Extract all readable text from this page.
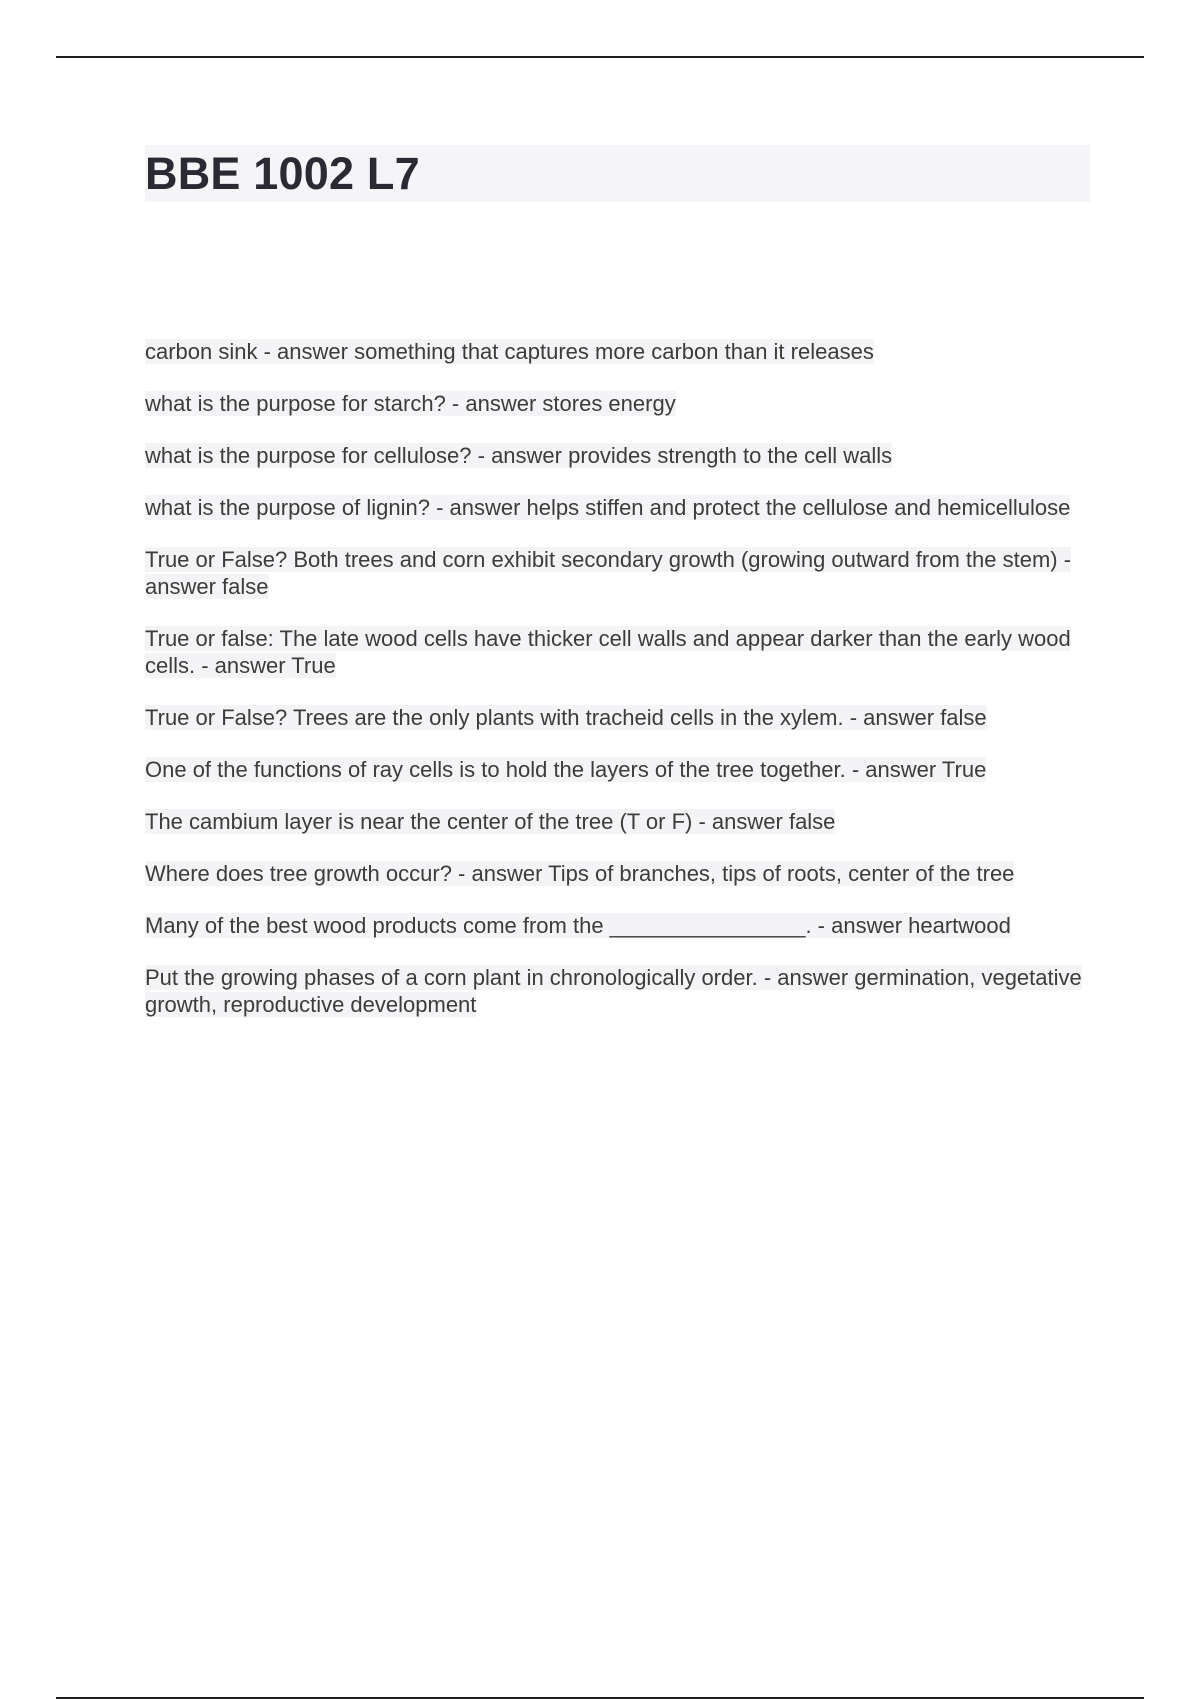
BBE 1002 L7

carbon sink - answer something that captures more carbon than it releases

what is the purpose for starch? - answer stores energy

what is the purpose for cellulose? - answer provides strength to the cell walls

what is the purpose of lignin? - answer helps stiffen and protect the cellulose and hemicellulose

True or False? Both trees and corn exhibit secondary growth (growing outward from the stem) - answer false

True or false: The late wood cells have thicker cell walls and appear darker than the early wood cells. - answer True

True or False? Trees are the only plants with tracheid cells in the xylem. - answer false

One of the functions of ray cells is to hold the layers of the tree together. - answer True

The cambium layer is near the center of the tree (T or F) - answer false

Where does tree growth occur? - answer Tips of branches, tips of roots, center of the tree

Many of the best wood products come from the ________________. - answer heartwood

Put the growing phases of a corn plant in chronologically order. - answer germination, vegetative growth, reproductive development
